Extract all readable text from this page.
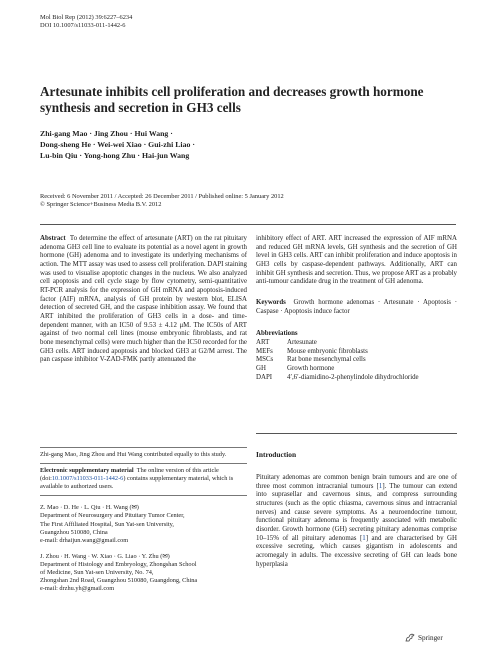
Mol Biol Rep (2012) 39:6227–6234
DOI 10.1007/s11033-011-1442-6
Artesunate inhibits cell proliferation and decreases growth hormone synthesis and secretion in GH3 cells
Zhi-gang Mao · Jing Zhou · Hui Wang ·
Dong-sheng He · Wei-wei Xiao · Gui-zhi Liao ·
Lu-bin Qiu · Yong-hong Zhu · Hai-jun Wang
Received: 6 November 2011 / Accepted: 26 December 2011 / Published online: 5 January 2012
© Springer Science+Business Media B.V. 2012
Abstract To determine the effect of artesunate (ART) on the rat pituitary adenoma GH3 cell line to evaluate its potential as a novel agent in growth hormone (GH) adenoma and to investigate its underlying mechanisms of action. The MTT assay was used to assess cell proliferation. DAPI staining was used to visualise apoptotic changes in the nucleus. We also analyzed cell apoptosis and cell cycle stage by flow cytometry, semi-quantitative RT-PCR analysis for the expression of GH mRNA and apoptosis-induced factor (AIF) mRNA, analysis of GH protein by western blot, ELISA detection of secreted GH, and the caspase inhibition assay. We found that ART inhibited the proliferation of GH3 cells in a dose- and time-dependent manner, with an IC50 of 9.53 ± 4.12 μM. The IC50s of ART against of two normal cell lines (mouse embryonic fibroblasts, and rat bone mesenchymal cells) were much higher than the IC50 recorded for the GH3 cells. ART induced apoptosis and blocked GH3 at G2/M arrest. The pan caspase inhibitor V-ZAD-FMK partly attenuated the
inhibitory effect of ART. ART increased the expression of AIF mRNA and reduced GH mRNA levels, GH synthesis and the secretion of GH level in GH3 cells. ART can inhibit proliferation and induce apoptosis in GH3 cells by caspase-dependent pathways. Additionally, ART can inhibit GH synthesis and secretion. Thus, we propose ART as a probably anti-tumour candidate drug in the treatment of GH adenoma.
Keywords Growth hormone adenomas · Artesunate · Apoptosis · Caspase · Apoptosis induce factor
Abbreviations
ART	Artesunate
MEFs	Mouse embryonic fibroblasts
MSCs	Rat bone mesenchymal cells
GH	Growth hormone
DAPI	4′,6′-diamidino-2-phenylindole dihydrochloride

Zhi-gang Mao, Jing Zhou and Hui Wang contributed equally to this study.

Electronic supplementary material The online version of this article (doi:10.1007/s11033-011-1442-6) contains supplementary material, which is available to authorized users.

Z. Mao · D. He · L. Qiu · H. Wang (✉)
Department of Neurosurgery and Pituitary Tumor Center,
The First Affiliated Hospital, Sun Yat-sen University,
Guangzhou 510080, China
e-mail: drhaijun.wang@gmail.com
J. Zhou · H. Wang · W. Xiao · G. Liao · Y. Zhu (✉)
Department of Histology and Embryology, Zhongshan School
of Medicine, Sun Yat-sen University, No. 74,
Zhongshan 2nd Road, Guangzhou 510080, Guangdong, China
e-mail: drzhu.yh@gmail.com
Introduction
Pituitary adenomas are common benign brain tumours and are one of three most common intracranial tumours [1]. The tumour can extend into suprasellar and cavernous sinus, and compress surrounding structures (such as the optic chiasma, cavernous sinus and intracranial nerves) and cause severe symptoms. As a neuroendocrine tumour, functional pituitary adenoma is frequently associated with metabolic disorder. Growth hormone (GH) secreting pituitary adenomas comprise 10–15% of all pituitary adenomas [1] and are characterised by GH excessive secreting, which causes gigantism in adolescents and acromegaly in adults. The excessive secreting of GH can leads bone hyperplasia
Springer
